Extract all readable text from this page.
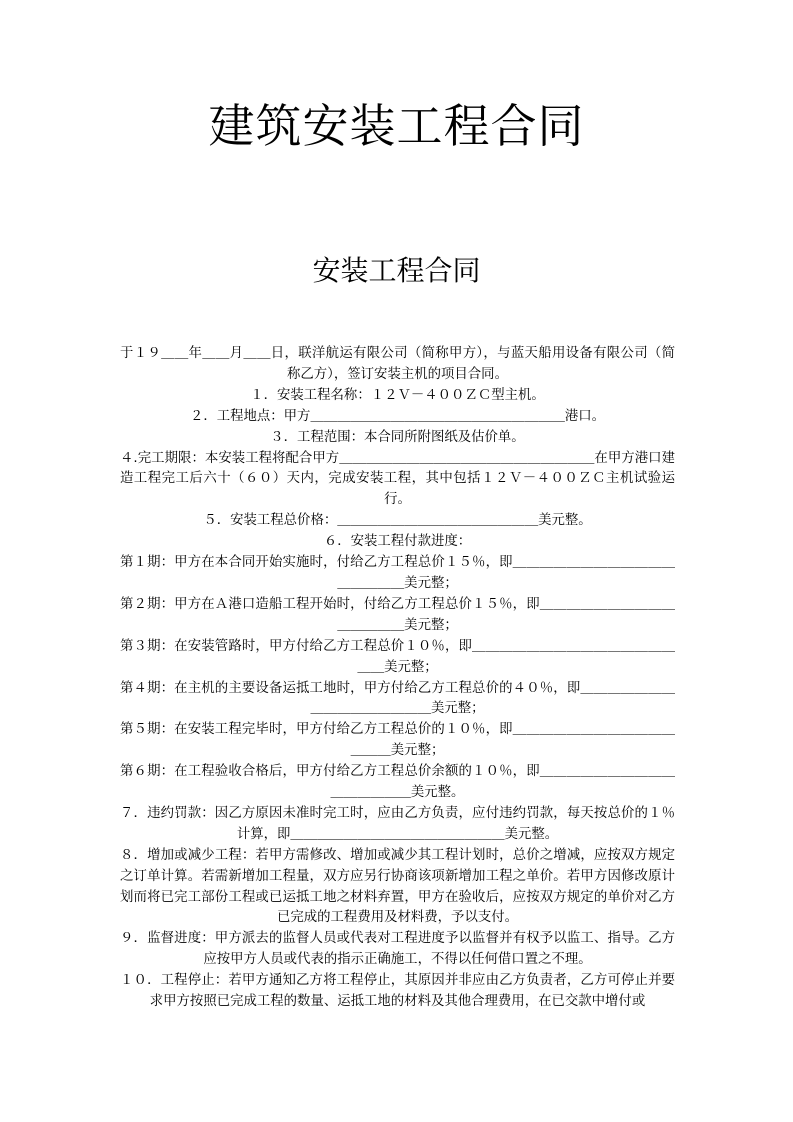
建筑安装工程合同
安装工程合同

于１９＿＿年＿＿月＿＿日，联洋航运有限公司（简称甲方），与蓝天船用设备有限公司（简称乙方），签订安装主机的项目合同。

１．安装工程名称：１２Ｖ－４００ＺＣ型主机。

２．工程地点：甲方＿＿＿＿＿＿＿＿＿＿＿＿＿＿＿＿＿＿＿港口。

３．工程范围：本合同所附图纸及估价单。

４.完工期限：本安装工程将配合甲方＿＿＿＿＿＿＿＿＿＿＿＿＿＿＿＿＿＿＿在甲方港口建造工程完工后六十（６０）天内，完成安装工程，其中包括１２Ｖ－４００ＺＣ主机试验运行。

５．安装工程总价格：＿＿＿＿＿＿＿＿＿＿＿＿＿＿＿美元整。

６．安装工程付款进度：

第１期：甲方在本合同开始实施时，付给乙方工程总价１５％，即＿＿＿＿＿＿＿＿＿＿＿＿＿＿＿＿＿美元整；

第２期：甲方在Ａ港口造船工程开始时，付给乙方工程总价１５％，即＿＿＿＿＿＿＿＿＿＿＿＿＿＿＿美元整；

第３期：在安装管路时，甲方付给乙方工程总价１０％，即＿＿＿＿＿＿＿＿＿＿＿＿＿＿＿＿＿美元整；

第４期：在主机的主要设备运抵工地时，甲方付给乙方工程总价的４０％，即＿＿＿＿＿＿＿＿＿＿＿＿＿＿＿＿美元整；

第５期：在安装工程完毕时，甲方付给乙方工程总价的１０％，即＿＿＿＿＿＿＿＿＿＿＿＿＿＿＿美元整；

第６期：在工程验收合格后，甲方付给乙方工程总价余额的１０％，即＿＿＿＿＿＿＿＿＿＿＿＿＿＿＿＿美元整。

７．违约罚款：因乙方原因未准时完工时，应由乙方负责，应付违约罚款，每天按总价的１％计算，即＿＿＿＿＿＿＿＿＿＿＿＿＿＿＿＿美元整。

８．增加或减少工程：若甲方需修改、增加或减少其工程计划时，总价之增减，应按双方规定之订单计算。若需新增加工程量，双方应另行协商该项新增加工程之单价。若甲方因修改原计划而将已完工部份工程或已运抵工地之材料弃置，甲方在验收后，应按双方规定的单价对乙方已完成的工程费用及材料费，予以支付。

９．监督进度：甲方派去的监督人员或代表对工程进度予以监督并有权予以监工、指导。乙方应按甲方人员或代表的指示正确施工，不得以任何借口置之不理。

１０．工程停止：若甲方通知乙方将工程停止，其原因并非应由乙方负责者，乙方可停止并要求甲方按照已完成工程的数量、运抵工地的材料及其他合理费用，在已交款中增付或
